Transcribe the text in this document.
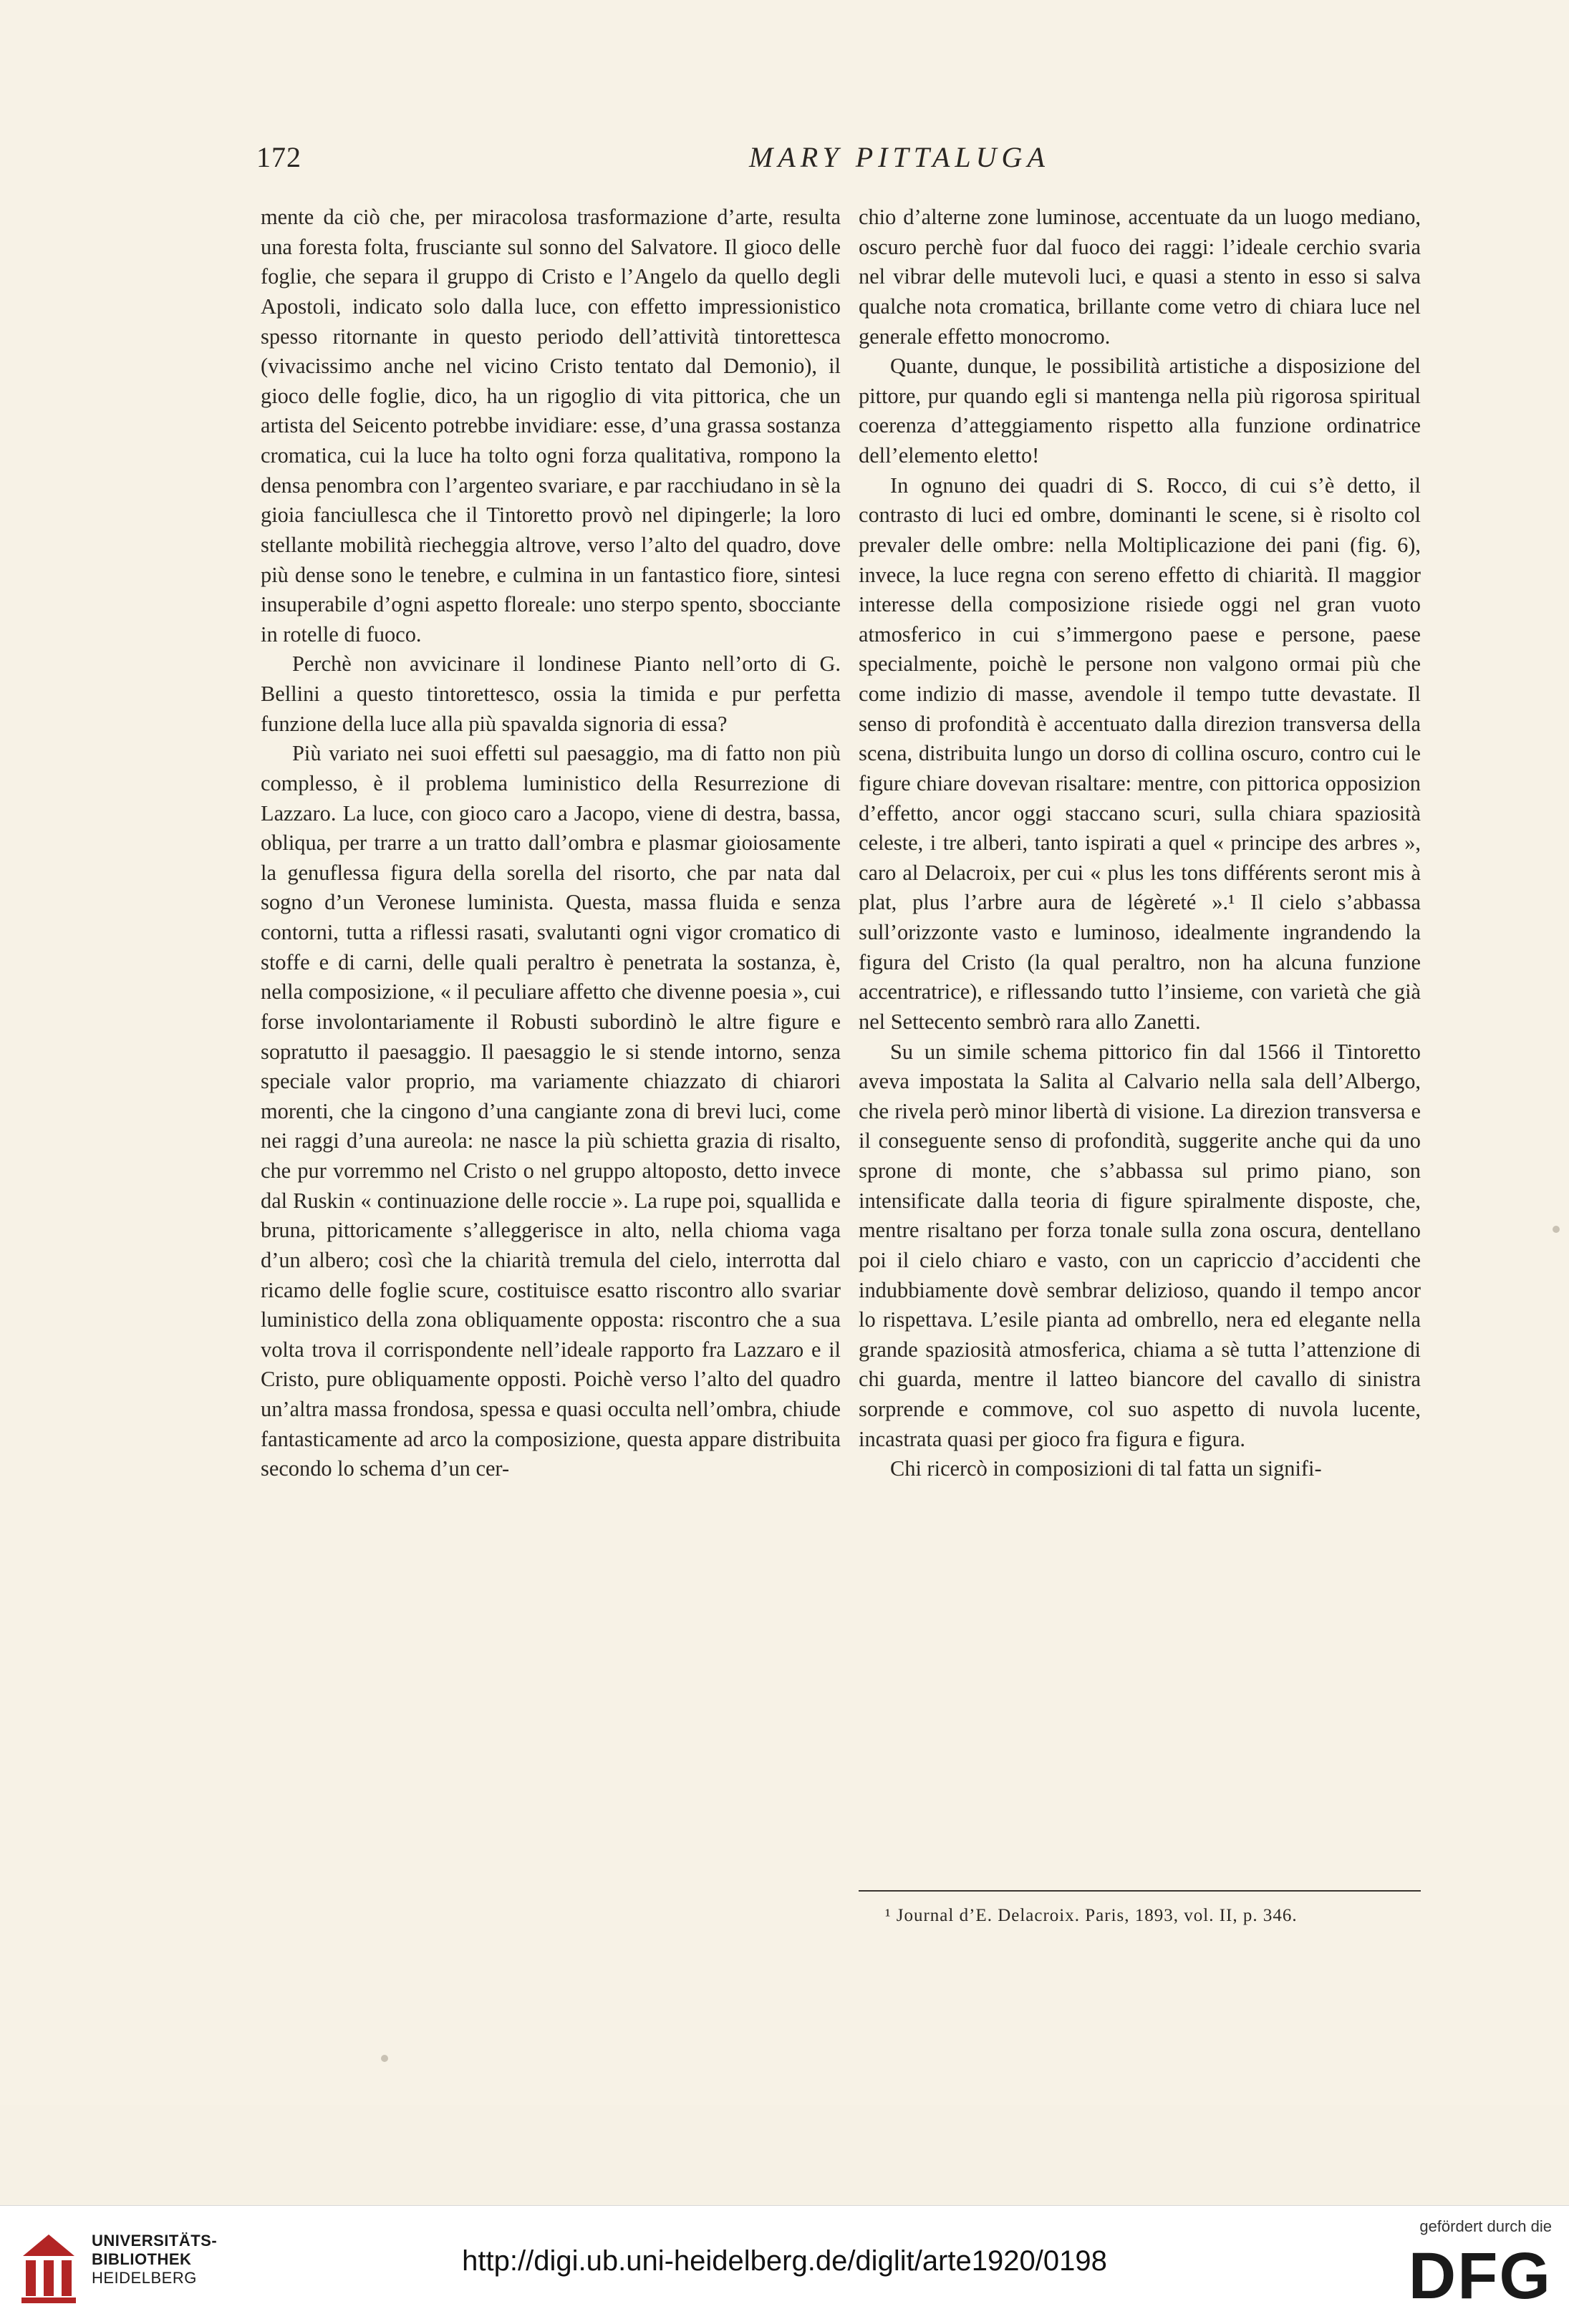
172	MARY PITTALUGA

mente da ciò che, per miracolosa trasformazione d’arte, resulta una foresta folta, frusciante sul sonno del Salvatore. Il gioco delle foglie, che separa il gruppo di Cristo e l’Angelo da quello degli Apostoli, indicato solo dalla luce, con effetto impressionistico spesso ritornante in questo periodo dell’attività tintorettesca (vivacissimo anche nel vicino Cristo tentato dal Demonio), il gioco delle foglie, dico, ha un rigoglio di vita pittorica, che un artista del Seicento potrebbe invidiare: esse, d’una grassa sostanza cromatica, cui la luce ha tolto ogni forza qualitativa, rompono la densa penombra con l’argenteo svariare, e par racchiudano in sè la gioia fanciullesca che il Tintoretto provò nel dipingerle; la loro stellante mobilità riecheggia altrove, verso l’alto del quadro, dove più dense sono le tenebre, e culmina in un fantastico fiore, sintesi insuperabile d’ogni aspetto floreale: uno sterpo spento, sbocciante in rotelle di fuoco.

Perchè non avvicinare il londinese Pianto nell’orto di G. Bellini a questo tintorettesco, ossia la timida e pur perfetta funzione della luce alla più spavalda signoria di essa?

Più variato nei suoi effetti sul paesaggio, ma di fatto non più complesso, è il problema luministico della Resurrezione di Lazzaro. La luce, con gioco caro a Jacopo, viene di destra, bassa, obliqua, per trarre a un tratto dall’ombra e plasmar gioiosamente la genuflessa figura della sorella del risorto, che par nata dal sogno d’un Veronese luminista. Questa, massa fluida e senza contorni, tutta a riflessi rasati, svalutanti ogni vigor cromatico di stoffe e di carni, delle quali peraltro è penetrata la sostanza, è, nella composizione, « il peculiare affetto che divenne poesia », cui forse involontariamente il Robusti subordinò le altre figure e sopratutto il paesaggio. Il paesaggio le si stende intorno, senza speciale valor proprio, ma variamente chiazzato di chiarori morenti, che la cingono d’una cangiante zona di brevi luci, come nei raggi d’una aureola: ne nasce la più schietta grazia di risalto, che pur vorremmo nel Cristo o nel gruppo altoposto, detto invece dal Ruskin « continuazione delle roccie ». La rupe poi, squallida e bruna, pittoricamente s’alleggerisce in alto, nella chioma vaga d’un albero; così che la chiarità tremula del cielo, interrotta dal ricamo delle foglie scure, costituisce esatto riscontro allo svariar luministico della zona obliquamente opposta: riscontro che a sua volta trova il corrispondente nell’ideale rapporto fra Lazzaro e il Cristo, pure obliquamente opposti. Poichè verso l’alto del quadro un’altra massa frondosa, spessa e quasi occulta nell’ombra, chiude fantasticamente ad arco la composizione, questa appare distribuita secondo lo schema d’un cer-

chio d’alterne zone luminose, accentuate da un luogo mediano, oscuro perchè fuor dal fuoco dei raggi: l’ideale cerchio svaria nel vibrar delle mutevoli luci, e quasi a stento in esso si salva qualche nota cromatica, brillante come vetro di chiara luce nel generale effetto monocromo.

Quante, dunque, le possibilità artistiche a disposizione del pittore, pur quando egli si mantenga nella più rigorosa spiritual coerenza d’atteggiamento rispetto alla funzione ordinatrice dell’elemento eletto!

In ognuno dei quadri di S. Rocco, di cui s’è detto, il contrasto di luci ed ombre, dominanti le scene, si è risolto col prevaler delle ombre: nella Moltiplicazione dei pani (fig. 6), invece, la luce regna con sereno effetto di chiarità. Il maggior interesse della composizione risiede oggi nel gran vuoto atmosferico in cui s’immergono paese e persone, paese specialmente, poichè le persone non valgono ormai più che come indizio di masse, avendole il tempo tutte devastate. Il senso di profondità è accentuato dalla direzion transversa della scena, distribuita lungo un dorso di collina oscuro, contro cui le figure chiare dovevan risaltare: mentre, con pittorica opposizion d’effetto, ancor oggi staccano scuri, sulla chiara spaziosità celeste, i tre alberi, tanto ispirati a quel « principe des arbres », caro al Delacroix, per cui « plus les tons différents seront mis à plat, plus l’arbre aura de légèreté ».¹ Il cielo s’abbassa sull’orizzonte vasto e luminoso, idealmente ingrandendo la figura del Cristo (la qual peraltro, non ha alcuna funzione accentratrice), e riflessando tutto l’insieme, con varietà che già nel Settecento sembrò rara allo Zanetti.

Su un simile schema pittorico fin dal 1566 il Tintoretto aveva impostata la Salita al Calvario nella sala dell’Albergo, che rivela però minor libertà di visione. La direzion transversa e il conseguente senso di profondità, suggerite anche qui da uno sprone di monte, che s’abbassa sul primo piano, son intensificate dalla teoria di figure spiralmente disposte, che, mentre risaltano per forza tonale sulla zona oscura, dentellano poi il cielo chiaro e vasto, con un capriccio d’accidenti che indubbiamente dovè sembrar delizioso, quando il tempo ancor lo rispettava. L’esile pianta ad ombrello, nera ed elegante nella grande spaziosità atmosferica, chiama a sè tutta l’attenzione di chi guarda, mentre il latteo biancore del cavallo di sinistra sorprende e commove, col suo aspetto di nuvola lucente, incastrata quasi per gioco fra figura e figura.

Chi ricercò in composizioni di tal fatta un signifi-

¹ Journal d’E. Delacroix. Paris, 1893, vol. II, p. 346.
UNIVERSITÄTS-
BIBLIOTHEK
HEIDELBERG
http://digi.ub.uni-heidelberg.de/diglit/arte1920/0198
gefördert durch die
DFG
